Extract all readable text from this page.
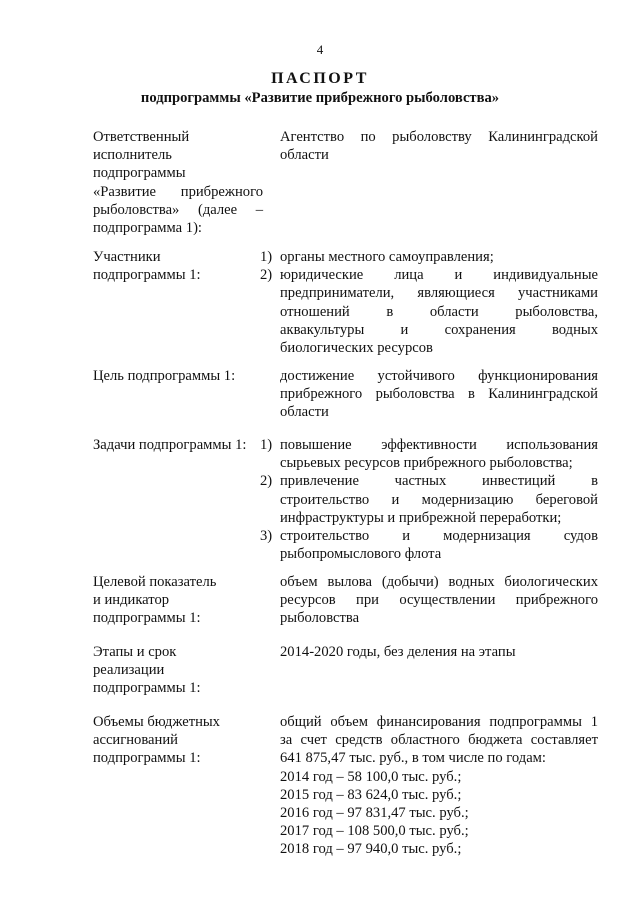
4
ПАСПОРТ
подпрограммы «Развитие прибрежного рыболовства»
Ответственный
исполнитель
подпрограммы
«Развитие прибрежного
рыболовства» (далее –
подпрограмма 1):
Агентство по рыболовству Калининградской
области
Участники
подпрограммы 1:
1) органы местного самоуправления;
2) юридические лица и индивидуальные
предприниматели, являющиеся участниками
отношений в области рыболовства,
аквакультуры и сохранения водных
биологических ресурсов
Цель подпрограммы 1:	достижение устойчивого функционирования
прибрежного рыболовства в Калининградской
области
Задачи подпрограммы 1: 1) повышение эффективности использования
сырьевых ресурсов прибрежного рыболовства;
2) привлечение частных инвестиций в
строительство и модернизацию береговой
инфраструктуры и прибрежной переработки;
3) строительство и модернизация судов
рыбопромыслового флота
Целевой показатель
и индикатор
подпрограммы 1:
объем вылова (добычи) водных биологических
ресурсов при осуществлении прибрежного
рыболовства
Этапы и срок
реализации
подпрограммы 1:
2014-2020 годы, без деления на этапы
Объемы бюджетных
ассигнований
подпрограммы 1:
общий объем финансирования подпрограммы 1
за счет средств областного бюджета составляет
641 875,47 тыс. руб., в том числе по годам:
2014 год – 58 100,0 тыс. руб.;
2015 год – 83 624,0 тыс. руб.;
2016 год – 97 831,47 тыс. руб.;
2017 год – 108 500,0 тыс. руб.;
2018 год – 97 940,0 тыс. руб.;
